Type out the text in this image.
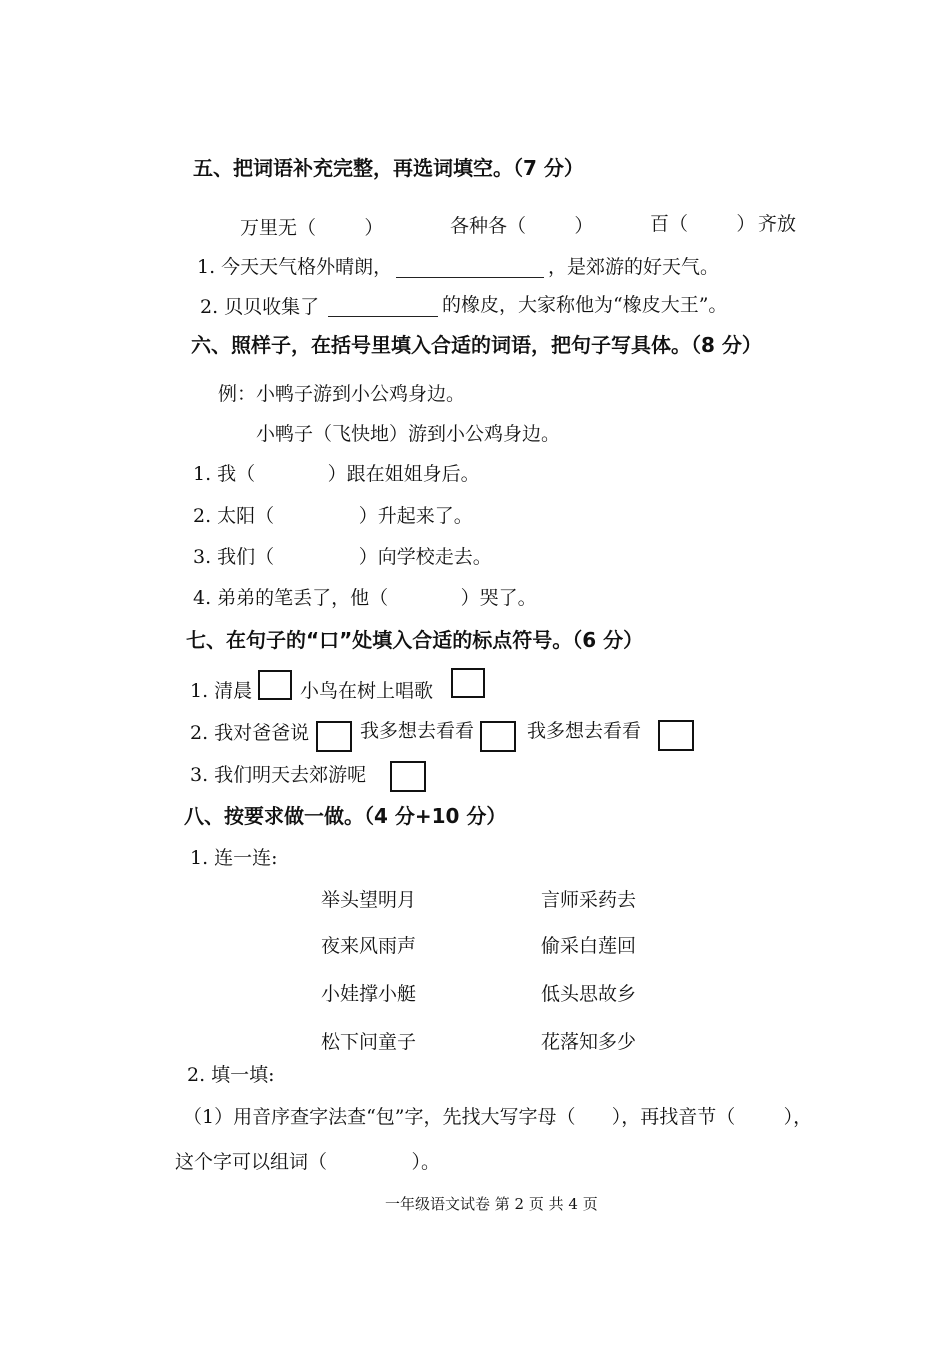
五、把词语补充完整，再选词填空。（7 分）
万里无（        ）	各种各（        ）	百（        ） 齐放
1. 今天天气格外晴朗，	，是郊游的好天气。
2. 贝贝收集了	的橡皮，大家称他为“橡皮大王”。
六、照样子，在括号里填入合适的词语，把句子写具体。（8 分）
例：小鸭子游到小公鸡身边。
小鸭子（飞快地）游到小公鸡身边。
1. 我（            ）跟在姐姐身后。
2. 太阳（              ）升起来了。
3. 我们（              ）向学校走去。
4. 弟弟的笔丢了，他（            ）哭了。
七、在句子的“口”处填入合适的标点符号。（6 分）
1. 清晨	小鸟在树上唱歌
2. 我对爸爸说	我多想去看看	我多想去看看
3. 我们明天去郊游呢
八、按要求做一做。（4 分+10 分）
1. 连一连:
举头望明月	言师采药去
夜来风雨声	偷采白莲回
小娃撑小艇	低头思故乡
松下问童子	花落知多少
2. 填一填:
（1）用音序查字法查“包”字，先找大写字母（      ），再找音节（        ），
这个字可以组词（              ）。
一年级语文试卷 第 2 页 共 4 页
